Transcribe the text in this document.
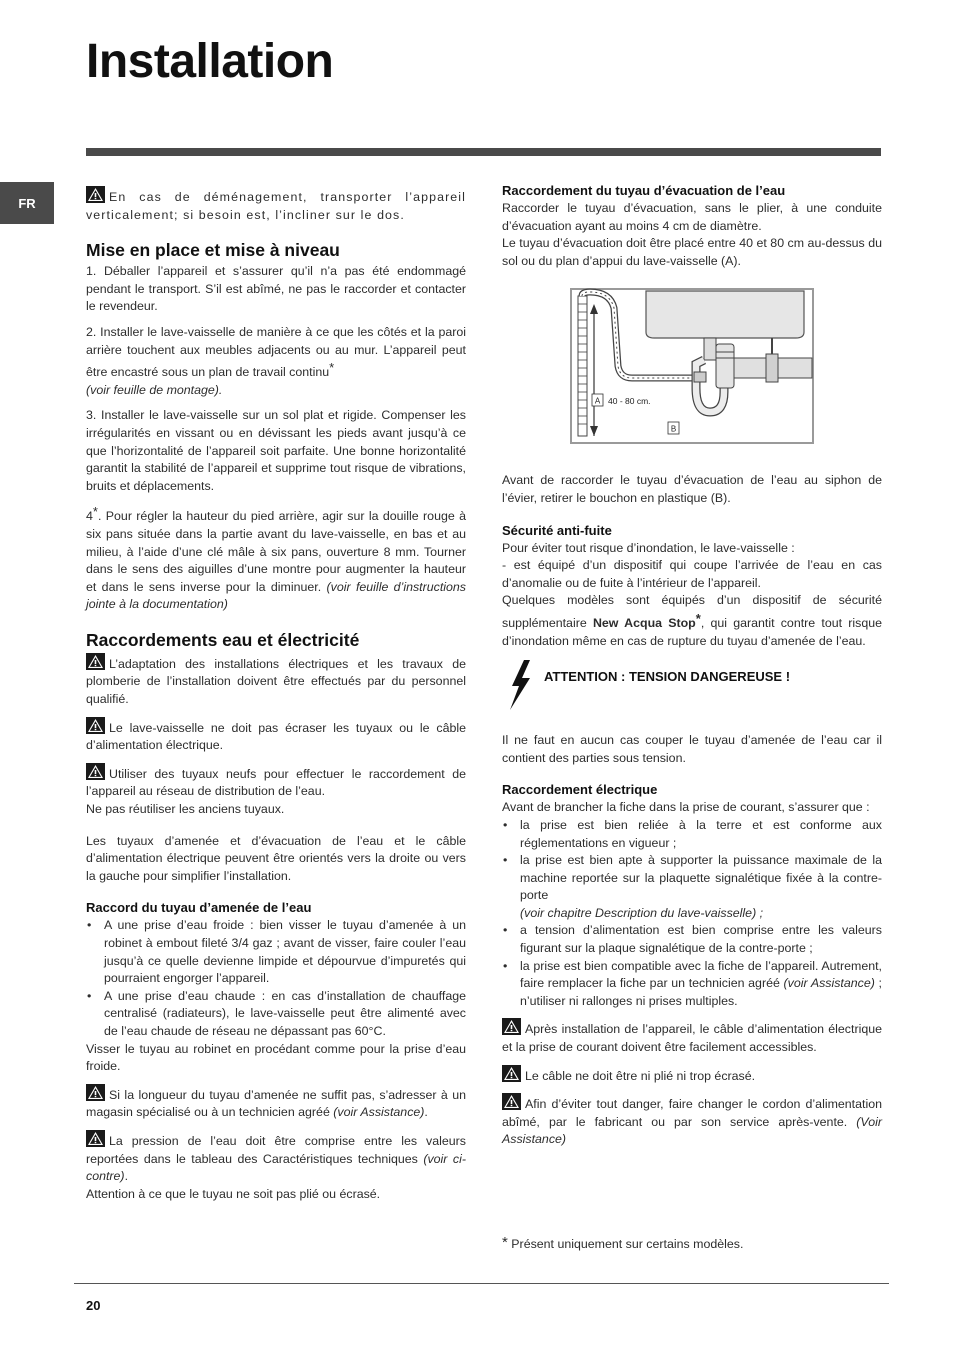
Installation
FR	En cas de déménagement, transporter l’appareil verticalement; si besoin est, l’incliner sur le dos.

Mise en place et mise à niveau

1. Déballer l’appareil et s’assurer qu’il n’a pas été endommagé pendant le transport. S’il est abîmé, ne pas le raccorder et contacter le revendeur.

2. Installer le lave-vaisselle de manière à ce que les côtés et la paroi arrière touchent aux meubles adjacents ou au mur. L’appareil peut être encastré sous un plan de travail continu*
(voir feuille de montage).

3. Installer le lave-vaisselle sur un sol plat et rigide. Compenser les irrégularités en vissant ou en dévissant les pieds avant jusqu’à ce que l’horizontalité de l’appareil soit parfaite. Une bonne horizontalité garantit la stabilité de l’appareil et supprime tout risque de vibrations, bruits et déplacements.

4*. Pour régler la hauteur du pied arrière, agir sur la douille rouge à six pans située dans la partie avant du lave-vaisselle, en bas et au milieu, à l’aide d’une clé mâle à six pans, ouverture 8 mm. Tourner dans le sens des aiguilles d’une montre pour augmenter la hauteur et dans le sens inverse pour la diminuer. (voir feuille d’instructions jointe à la documentation)

Raccordements eau et électricité

L’adaptation des installations électriques et les travaux de plomberie de l’installation doivent être effectués par du personnel qualifié.

Le lave-vaisselle ne doit pas écraser les tuyaux ou le câble d’alimentation électrique.

Utiliser des tuyaux neufs pour effectuer le raccordement de l’appareil au réseau de distribution de l’eau.
Ne pas réutiliser les anciens tuyaux.

Les tuyaux d’amenée et d’évacuation de l’eau et le câble d’alimentation électrique peuvent être orientés vers la droite ou vers la gauche pour simplifier l’installation.

Raccord du tuyau d’amenée de l’eau
• A une prise d’eau froide : bien visser le tuyau d’amenée à un robinet à embout fileté 3/4 gaz ; avant de visser, faire couler l’eau jusqu’à ce quelle devienne limpide et dépourvue d’impuretés qui pourraient engorger l’appareil.
• A une prise d’eau chaude : en cas d’installation de chauffage centralisé (radiateurs), le lave-vaisselle peut être alimenté avec de l’eau chaude de réseau ne dépassant pas 60°C.

Visser le tuyau au robinet en procédant comme pour la prise d’eau froide.

Si la longueur du tuyau d’amenée ne suffit pas, s’adresser à un magasin spécialisé ou à un technicien agréé (voir Assistance).

La pression de l’eau doit être comprise entre les valeurs reportées dans le tableau des Caractéristiques techniques (voir ci-contre).

Attention à ce que le tuyau ne soit pas plié ou écrasé.

Raccordement du tuyau d’évacuation de l’eau

Raccorder le tuyau d’évacuation, sans le plier, à une conduite d’évacuation ayant au moins 4 cm de diamètre.

Le tuyau d’évacuation doit être placé entre 40 et 80 cm au-dessus du sol ou du plan d’appui du lave-vaisselle (A).

A 40 - 80 cm.
B

Avant de raccorder le tuyau d’évacuation de l’eau au siphon de l’évier, retirer le bouchon en plastique (B).

Sécurité anti-fuite

Pour éviter tout risque d’inondation, le lave-vaisselle :

- est équipé d’un dispositif qui coupe l’arrivée de l’eau en cas d’anomalie ou de fuite à l’intérieur de l’appareil.

Quelques modèles sont équipés d’un dispositif de sécurité supplémentaire New Acqua Stop*, qui garantit contre tout risque d’inondation même en cas de rupture du tuyau d’amenée de l’eau.

ATTENTION : TENSION DANGEREUSE !

Il ne faut en aucun cas couper le tuyau d’amenée de l’eau car il contient des parties sous tension.

Raccordement électrique

Avant de brancher la fiche dans la prise de courant, s’assurer que :

• la prise est bien reliée à la terre et est conforme aux réglementations en vigueur ;
• la prise est bien apte à supporter la puissance maximale de la machine reportée sur la plaquette signalétique fixée à la contre-porte
(voir chapitre Description du lave-vaisselle) ;
• a tension d’alimentation est bien comprise entre les valeurs figurant sur la plaque signalétique de la contre-porte ;
• la prise est bien compatible avec la fiche de l’appareil. Autrement, faire remplacer la fiche par un technicien agréé (voir Assistance) ; n’utiliser ni rallonges ni prises multiples.

Après installation de l’appareil, le câble d’alimentation électrique et la prise de courant doivent être facilement accessibles.

Le câble ne doit être ni plié ni trop écrasé.

Afin d’éviter tout danger, faire changer le cordon d’alimentation abîmé, par le fabricant ou par son service après-vente. (Voir Assistance)

* Présent uniquement sur certains modèles.
20
